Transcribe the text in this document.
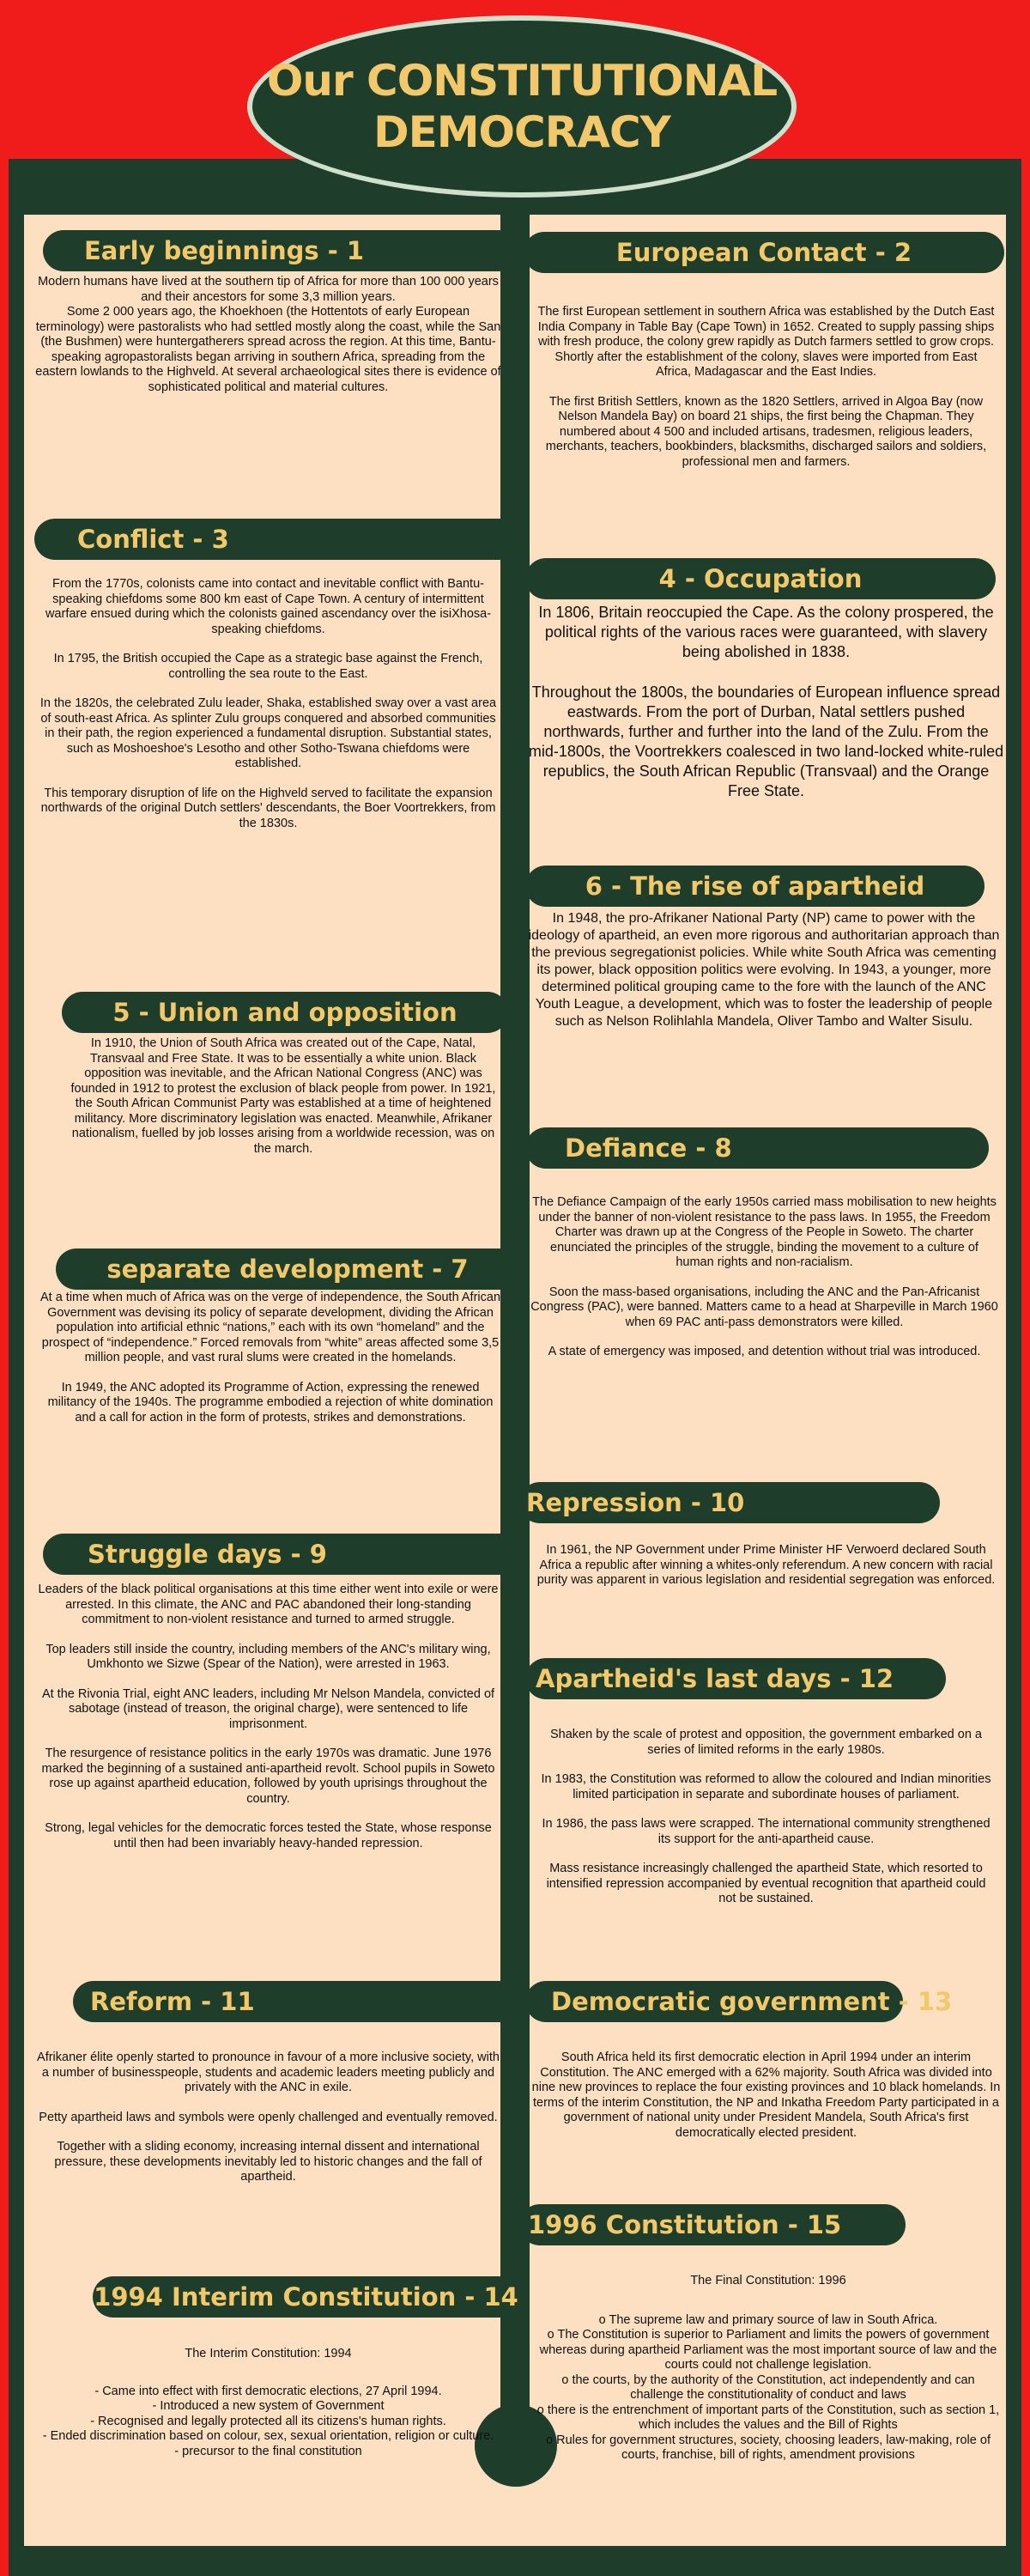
Our CONSTITUTIONAL
DEMOCRACY
Early beginnings - 1

Modern humans have lived at the southern tip of Africa for more than 100 000 years and their ancestors for some 3,3 million years.

Some 2 000 years ago, the Khoekhoen (the Hottentots of early European terminology) were pastoralists who had settled mostly along the coast, while the San (the Bushmen) were huntergatherers spread across the region. At this time, Bantu-speaking agropastoralists began arriving in southern Africa, spreading from the eastern lowlands to the Highveld. At several archaeological sites there is evidence of sophisticated political and material cultures.

European Contact - 2

The first European settlement in southern Africa was established by the Dutch East India Company in Table Bay (Cape Town) in 1652. Created to supply passing ships with fresh produce, the colony grew rapidly as Dutch farmers settled to grow crops. Shortly after the establishment of the colony, slaves were imported from East Africa, Madagascar and the East Indies.

The first British Settlers, known as the 1820 Settlers, arrived in Algoa Bay (now Nelson Mandela Bay) on board 21 ships, the first being the Chapman. They numbered about 4 500 and included artisans, tradesmen, religious leaders, merchants, teachers, bookbinders, blacksmiths, discharged sailors and soldiers, professional men and farmers.

Conflict - 3

From the 1770s, colonists came into contact and inevitable conflict with Bantu-speaking chiefdoms some 800 km east of Cape Town. A century of intermittent warfare ensued during which the colonists gained ascendancy over the isiXhosa-speaking chiefdoms.

In 1795, the British occupied the Cape as a strategic base against the French, controlling the sea route to the East.

In the 1820s, the celebrated Zulu leader, Shaka, established sway over a vast area of south-east Africa. As splinter Zulu groups conquered and absorbed communities in their path, the region experienced a fundamental disruption. Substantial states, such as Moshoeshoe's Lesotho and other Sotho-Tswana chiefdoms were established.

This temporary disruption of life on the Highveld served to facilitate the expansion northwards of the original Dutch settlers' descendants, the Boer Voortrekkers, from the 1830s.

4 - Occupation

In 1806, Britain reoccupied the Cape. As the colony prospered, the political rights of the various races were guaranteed, with slavery being abolished in 1838.

Throughout the 1800s, the boundaries of European influence spread eastwards. From the port of Durban, Natal settlers pushed northwards, further and further into the land of the Zulu. From the mid-1800s, the Voortrekkers coalesced in two land-locked white-ruled republics, the South African Republic (Transvaal) and the Orange Free State.

5 - Union and opposition

In 1910, the Union of South Africa was created out of the Cape, Natal, Transvaal and Free State. It was to be essentially a white union. Black opposition was inevitable, and the African National Congress (ANC) was founded in 1912 to protest the exclusion of black people from power. In 1921, the South African Communist Party was established at a time of heightened militancy. More discriminatory legislation was enacted. Meanwhile, Afrikaner nationalism, fuelled by job losses arising from a worldwide recession, was on the march.

6 - The rise of apartheid

In 1948, the pro-Afrikaner National Party (NP) came to power with the ideology of apartheid, an even more rigorous and authoritarian approach than the previous segregationist policies. While white South Africa was cementing its power, black opposition politics were evolving. In 1943, a younger, more determined political grouping came to the fore with the launch of the ANC Youth League, a development, which was to foster the leadership of people such as Nelson Rolihlahla Mandela, Oliver Tambo and Walter Sisulu.

separate development - 7

At a time when much of Africa was on the verge of independence, the South African Government was devising its policy of separate development, dividing the African population into artificial ethnic “nations,” each with its own “homeland” and the prospect of “independence.” Forced removals from “white” areas affected some 3,5 million people, and vast rural slums were created in the homelands.

In 1949, the ANC adopted its Programme of Action, expressing the renewed militancy of the 1940s. The programme embodied a rejection of white domination and a call for action in the form of protests, strikes and demonstrations.

Defiance - 8

The Defiance Campaign of the early 1950s carried mass mobilisation to new heights under the banner of non-violent resistance to the pass laws. In 1955, the Freedom Charter was drawn up at the Congress of the People in Soweto. The charter enunciated the principles of the struggle, binding the movement to a culture of human rights and non-racialism.

Soon the mass-based organisations, including the ANC and the Pan-Africanist Congress (PAC), were banned. Matters came to a head at Sharpeville in March 1960 when 69 PAC anti-pass demonstrators were killed.

A state of emergency was imposed, and detention without trial was introduced.

Struggle days - 9

Leaders of the black political organisations at this time either went into exile or were arrested. In this climate, the ANC and PAC abandoned their long-standing commitment to non-violent resistance and turned to armed struggle.

Top leaders still inside the country, including members of the ANC's military wing, Umkhonto we Sizwe (Spear of the Nation), were arrested in 1963.

At the Rivonia Trial, eight ANC leaders, including Mr Nelson Mandela, convicted of sabotage (instead of treason, the original charge), were sentenced to life imprisonment.

The resurgence of resistance politics in the early 1970s was dramatic. June 1976 marked the beginning of a sustained anti-apartheid revolt. School pupils in Soweto rose up against apartheid education, followed by youth uprisings throughout the country.

Strong, legal vehicles for the democratic forces tested the State, whose response until then had been invariably heavy-handed repression.

Repression - 10

In 1961, the NP Government under Prime Minister HF Verwoerd declared South Africa a republic after winning a whites-only referendum. A new concern with racial purity was apparent in various legislation and residential segregation was enforced.

Reform - 11

Afrikaner élite openly started to pronounce in favour of a more inclusive society, with a number of businesspeople, students and academic leaders meeting publicly and privately with the ANC in exile.

Petty apartheid laws and symbols were openly challenged and eventually removed.

Together with a sliding economy, increasing internal dissent and international pressure, these developments inevitably led to historic changes and the fall of apartheid.

Apartheid's last days - 12

Shaken by the scale of protest and opposition, the government embarked on a series of limited reforms in the early 1980s.

In 1983, the Constitution was reformed to allow the coloured and Indian minorities limited participation in separate and subordinate houses of parliament.

In 1986, the pass laws were scrapped. The international community strengthened its support for the anti-apartheid cause.

Mass resistance increasingly challenged the apartheid State, which resorted to intensified repression accompanied by eventual recognition that apartheid could not be sustained.

Democratic government - 13

South Africa held its first democratic election in April 1994 under an interim Constitution. The ANC emerged with a 62% majority. South Africa was divided into nine new provinces to replace the four existing provinces and 10 black homelands. In terms of the interim Constitution, the NP and Inkatha Freedom Party participated in a government of national unity under President Mandela, South Africa's first democratically elected president.

1994 Interim Constitution - 14

The Interim Constitution: 1994

- Came into effect with first democratic elections, 27 April 1994.
- Introduced a new system of Government
- Recognised and legally protected all its citizens's human rights.
- Ended discrimination based on colour, sex, sexual orientation, religion or culture.
- precursor to the final constitution

1996 Constitution - 15

The Final Constitution: 1996

o The supreme law and primary source of law in South Africa.
o The Constitution is superior to Parliament and limits the powers of government whereas during apartheid Parliament was the most important source of law and the courts could not challenge legislation.
o the courts, by the authority of the Constitution, act independently and can challenge the constitutionality of conduct and laws
o there is the entrenchment of important parts of the Constitution, such as section 1, which includes the values and the Bill of Rights
o Rules for government structures, society, choosing leaders, law-making, role of courts, franchise, bill of rights, amendment provisions
